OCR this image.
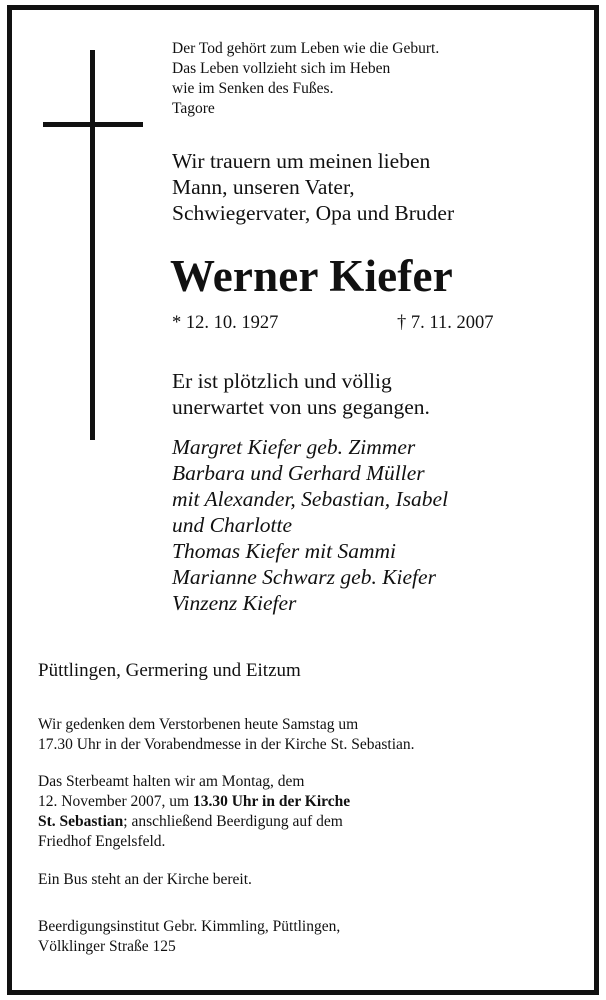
Der Tod gehört zum Leben wie die Geburt.
Das Leben vollzieht sich im Heben
wie im Senken des Fußes.
Tagore
Wir trauern um meinen lieben
Mann, unseren Vater,
Schwiegervater, Opa und Bruder
Werner Kiefer
* 12. 10. 1927	† 7. 11. 2007
Er ist plötzlich und völlig
unerwartet von uns gegangen.
Margret Kiefer geb. Zimmer
Barbara und Gerhard Müller
mit Alexander, Sebastian, Isabel
und Charlotte
Thomas Kiefer mit Sammi
Marianne Schwarz geb. Kiefer
Vinzenz Kiefer
Püttlingen, Germering und Eitzum
Wir gedenken dem Verstorbenen heute Samstag um
17.30 Uhr in der Vorabendmesse in der Kirche St. Sebastian.
Das Sterbeamt halten wir am Montag, dem
12. November 2007, um 13.30 Uhr in der Kirche
St. Sebastian; anschließend Beerdigung auf dem
Friedhof Engelsfeld.
Ein Bus steht an der Kirche bereit.
Beerdigungsinstitut Gebr. Kimmling, Püttlingen,
Völklinger Straße 125
